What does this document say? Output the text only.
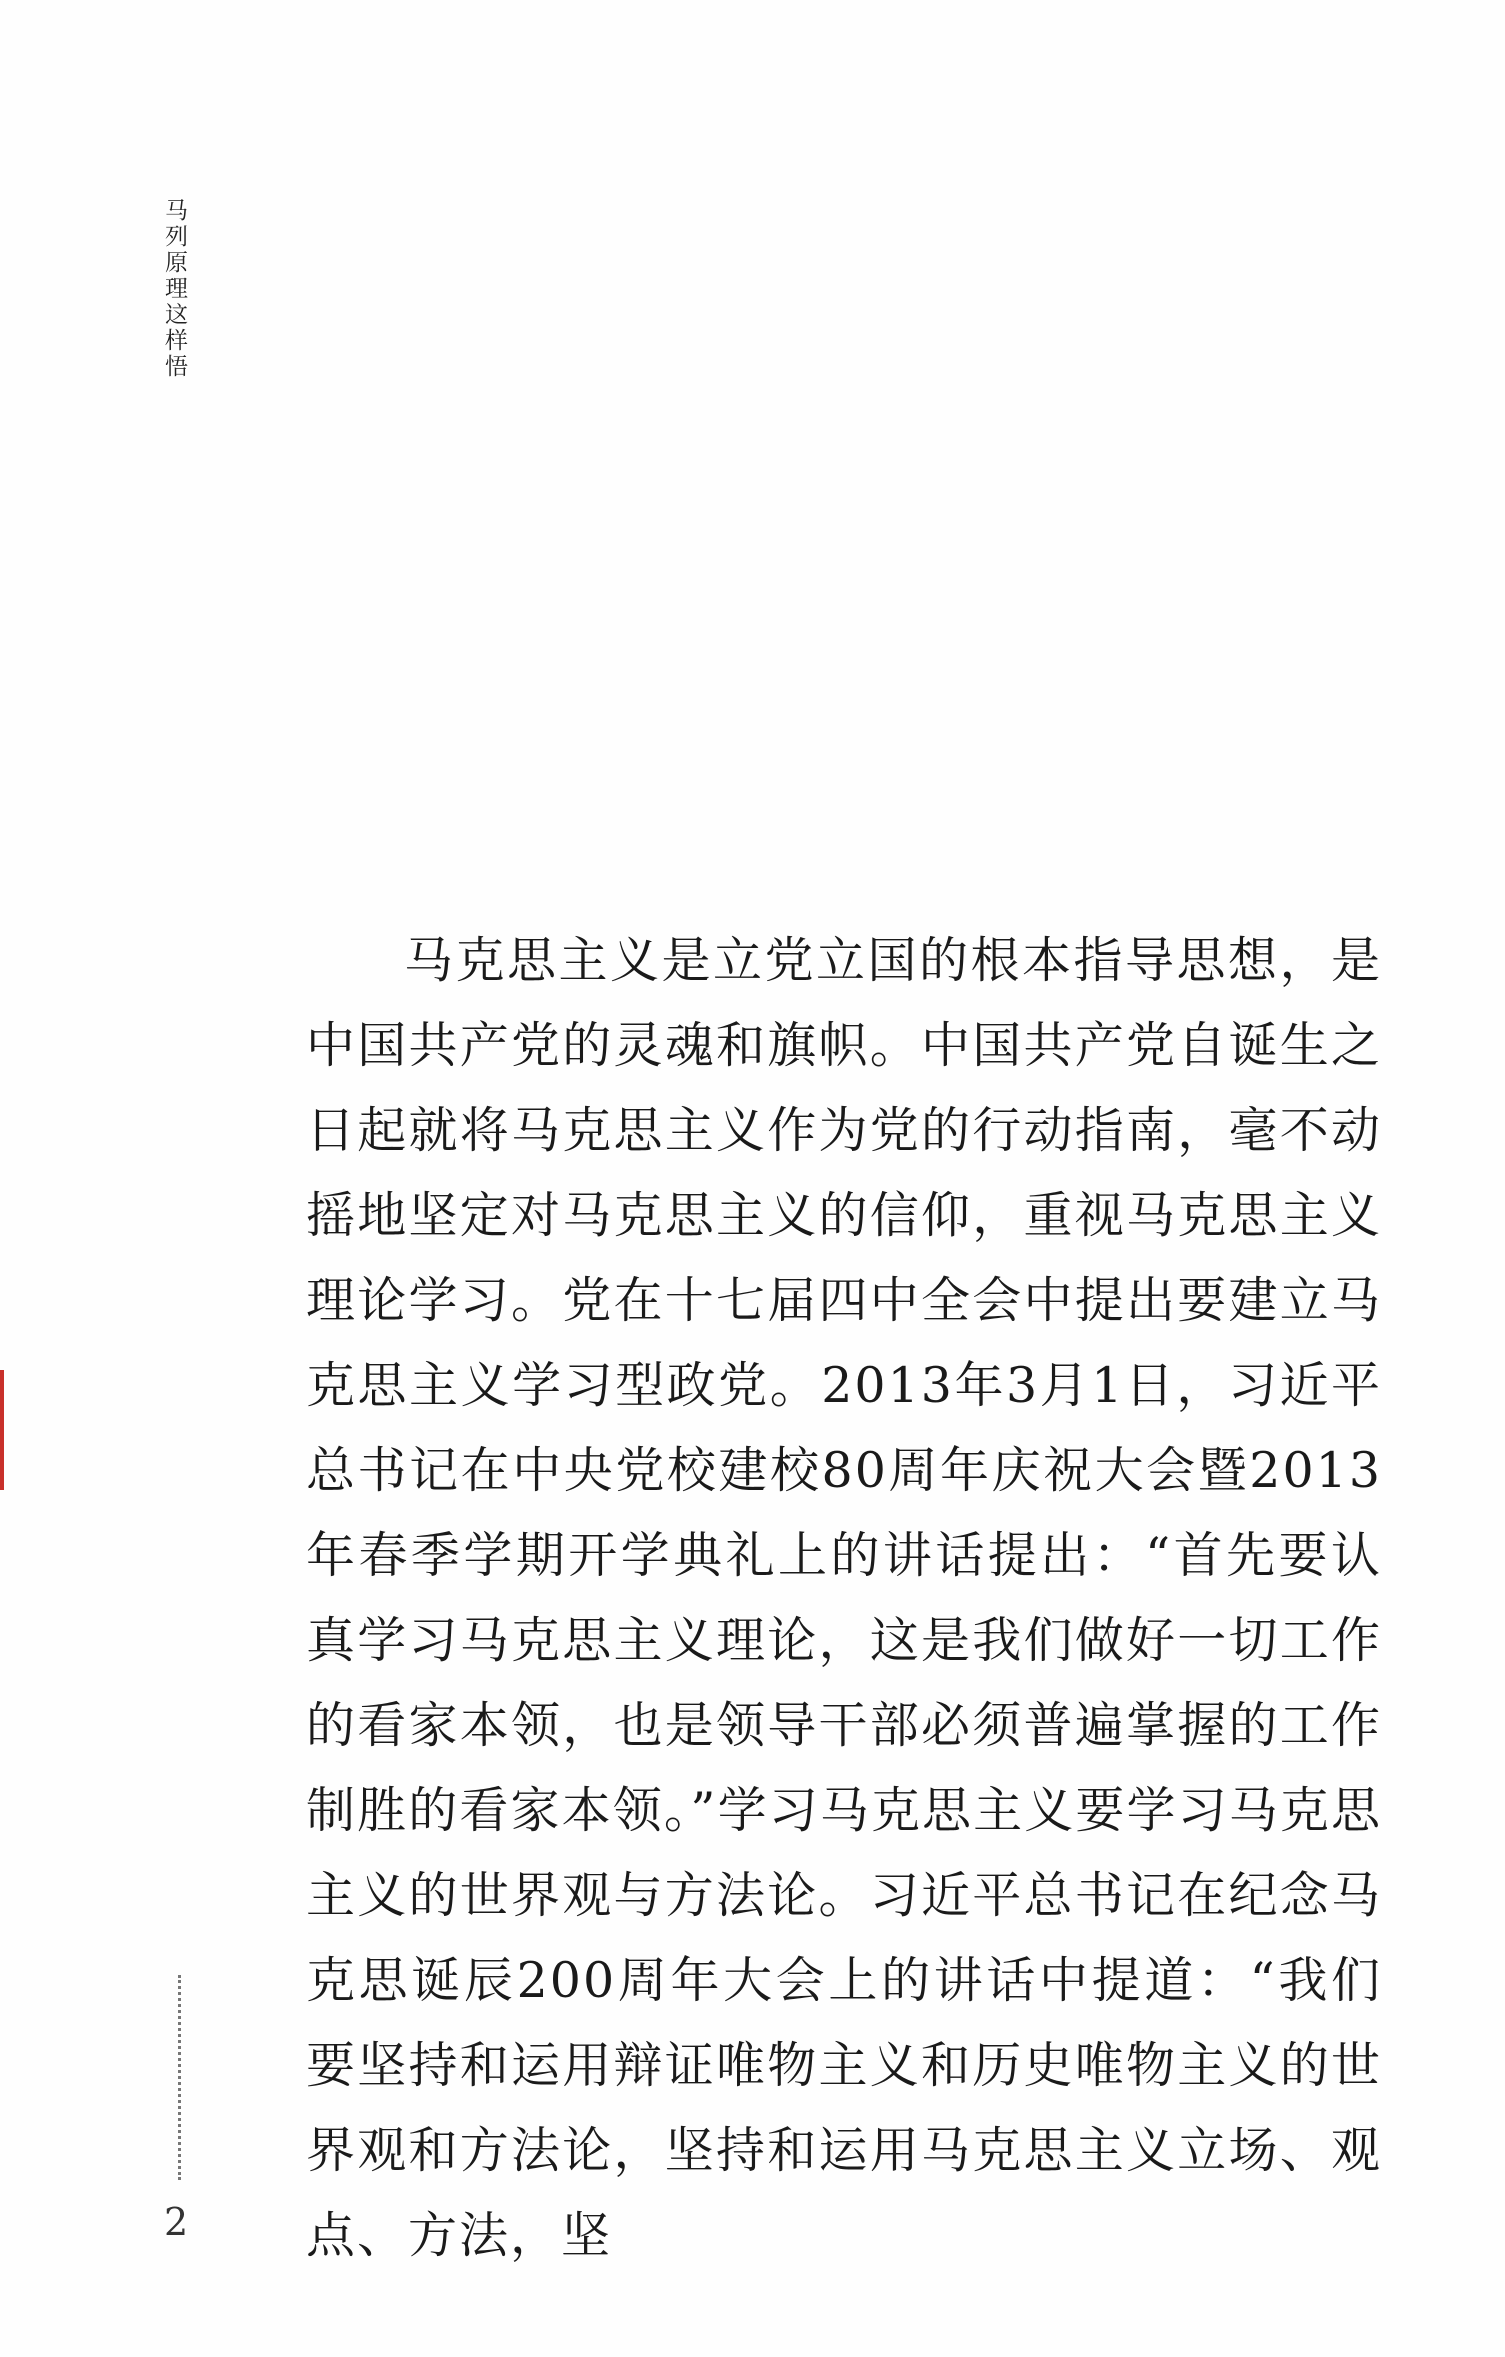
马列原理这样悟

马克思主义是立党立国的根本指导思想，是中国共产党的灵魂和旗帜。中国共产党自诞生之日起就将马克思主义作为党的行动指南，毫不动摇地坚定对马克思主义的信仰，重视马克思主义理论学习。党在十七届四中全会中提出要建立马克思主义学习型政党。2013年3月1日，习近平总书记在中央党校建校80周年庆祝大会暨2013年春季学期开学典礼上的讲话提出：“首先要认真学习马克思主义理论，这是我们做好一切工作的看家本领，也是领导干部必须普遍掌握的工作制胜的看家本领。”学习马克思主义要学习马克思主义的世界观与方法论。习近平总书记在纪念马克思诞辰200周年大会上的讲话中提道：“我们要坚持和运用辩证唯物主义和历史唯物主义的世界观和方法论，坚持和运用马克思主义立场、观点、方法，坚

2
